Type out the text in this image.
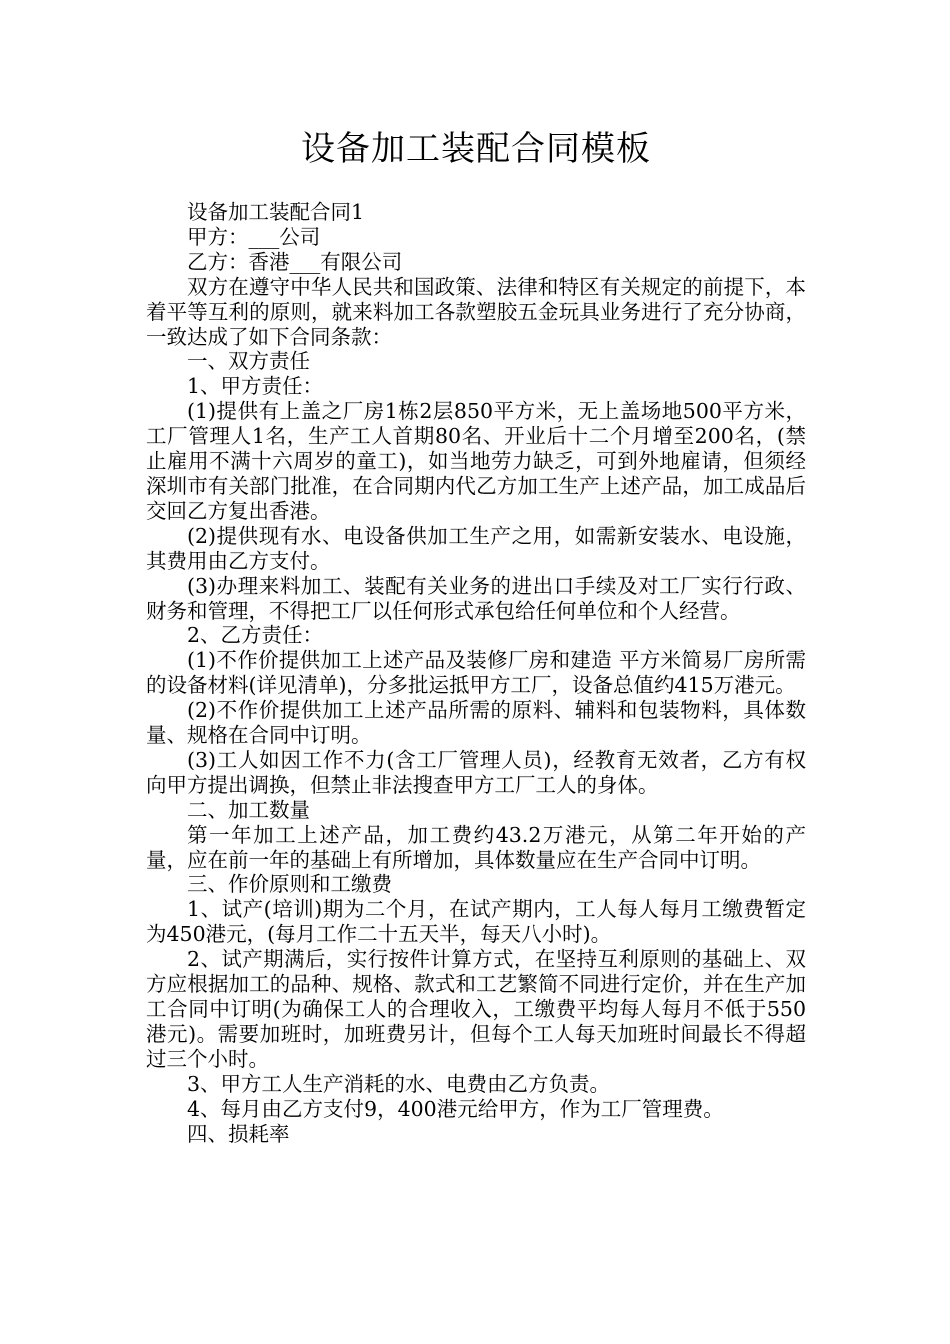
设备加工装配合同模板

设备加工装配合同1

甲方：___公司

乙方：香港___有限公司

双方在遵守中华人民共和国政策、法律和特区有关规定的前提下，本着平等互利的原则，就来料加工各款塑胶五金玩具业务进行了充分协商，一致达成了如下合同条款：

一、双方责任

1、甲方责任：

(1)提供有上盖之厂房1栋2层850平方米，无上盖场地500平方米，工厂管理人1名，生产工人首期80名、开业后十二个月增至200名，(禁止雇用不满十六周岁的童工)，如当地劳力缺乏，可到外地雇请，但须经深圳市有关部门批准，在合同期内代乙方加工生产上述产品，加工成品后交回乙方复出香港。

(2)提供现有水、电设备供加工生产之用，如需新安装水、电设施，其费用由乙方支付。

(3)办理来料加工、装配有关业务的进出口手续及对工厂实行行政、财务和管理，不得把工厂以任何形式承包给任何单位和个人经营。

2、乙方责任：

(1)不作价提供加工上述产品及装修厂房和建造 平方米简易厂房所需的设备材料(详见清单)，分多批运抵甲方工厂，设备总值约415万港元。

(2)不作价提供加工上述产品所需的原料、辅料和包装物料，具体数量、规格在合同中订明。

(3)工人如因工作不力(含工厂管理人员)，经教育无效者，乙方有权向甲方提出调换，但禁止非法搜查甲方工厂工人的身体。

二、加工数量

第一年加工上述产品，加工费约43.2万港元，从第二年开始的产量，应在前一年的基础上有所增加，具体数量应在生产合同中订明。

三、作价原则和工缴费

1、试产(培训)期为二个月，在试产期内，工人每人每月工缴费暂定为450港元，(每月工作二十五天半，每天八小时)。

2、试产期满后，实行按件计算方式，在坚持互利原则的基础上、双方应根据加工的品种、规格、款式和工艺繁简不同进行定价，并在生产加工合同中订明(为确保工人的合理收入，工缴费平均每人每月不低于550港元)。需要加班时，加班费另计，但每个工人每天加班时间最长不得超过三个小时。

3、甲方工人生产消耗的水、电费由乙方负责。

4、每月由乙方支付9，400港元给甲方，作为工厂管理费。

四、损耗率
